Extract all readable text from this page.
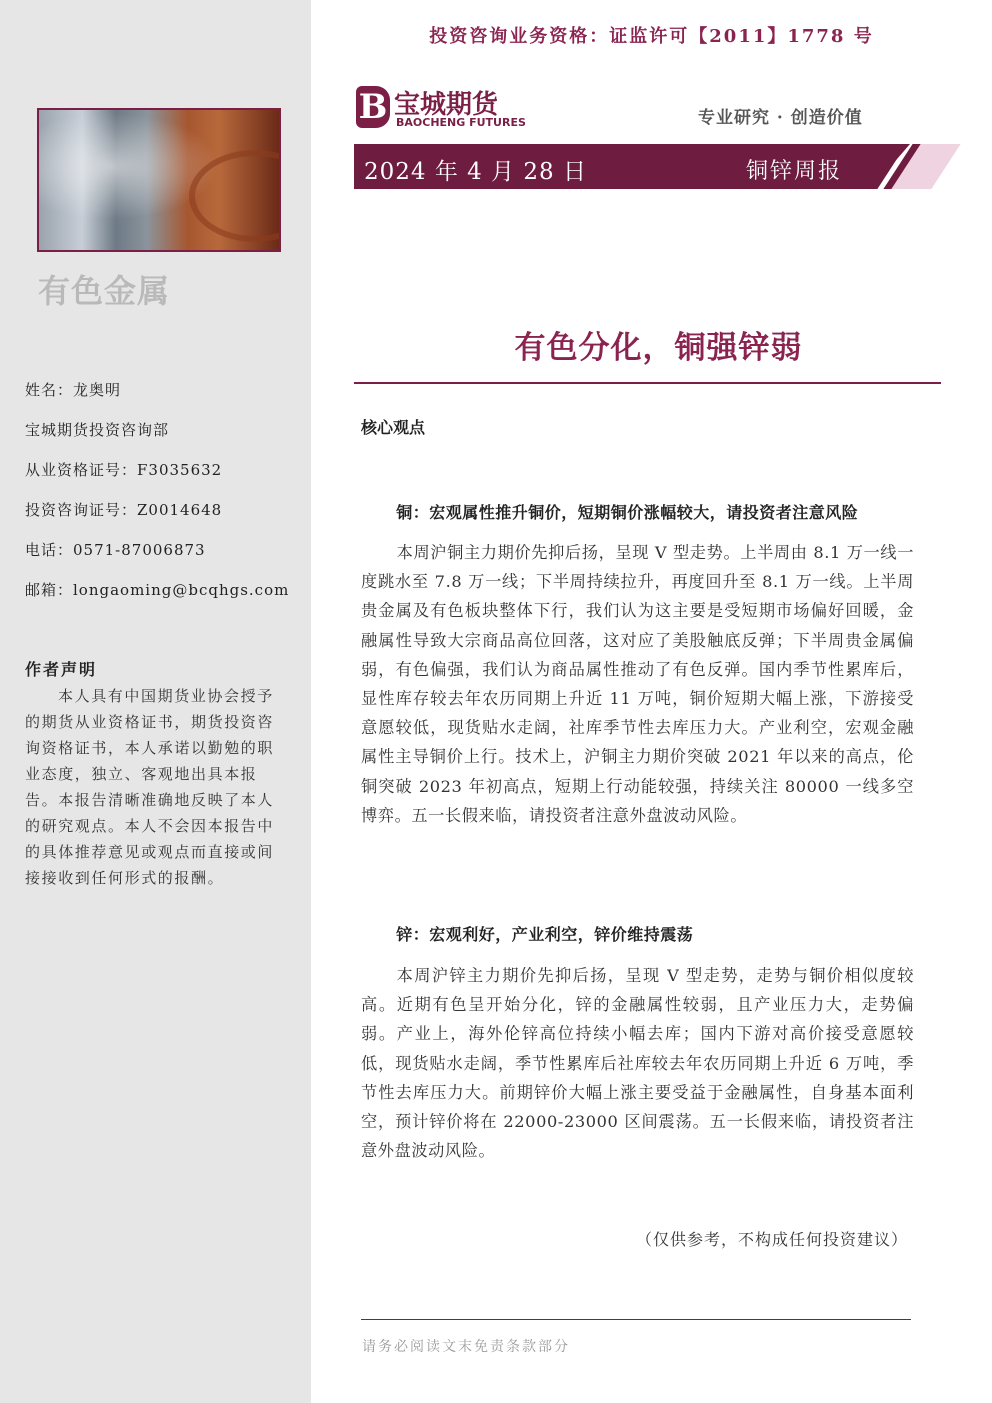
有色金属
姓名：龙奥明
宝城期货投资咨询部
从业资格证号：F3035632
投资咨询证号：Z0014648
电话：0571-87006873
邮箱：longaoming@bcqhgs.com
作者声明
本人具有中国期货业协会授予的期货从业资格证书，期货投资咨询资格证书，本人承诺以勤勉的职业态度，独立、客观地出具本报告。本报告清晰准确地反映了本人的研究观点。本人不会因本报告中的具体推荐意见或观点而直接或间接接收到任何形式的报酬。
投资咨询业务资格：证监许可【2011】1778 号
B 宝城期货
BAOCHENG FUTURES	专业研究 · 创造价值
2024 年 4 月 28 日	铜锌周报
有色分化，铜强锌弱
核心观点
铜：宏观属性推升铜价，短期铜价涨幅较大，请投资者注意风险
本周沪铜主力期价先抑后扬，呈现 V 型走势。上半周由 8.1 万一线一度跳水至 7.8 万一线；下半周持续拉升，再度回升至 8.1 万一线。上半周贵金属及有色板块整体下行，我们认为这主要是受短期市场偏好回暖，金融属性导致大宗商品高位回落，这对应了美股触底反弹；下半周贵金属偏弱，有色偏强，我们认为商品属性推动了有色反弹。国内季节性累库后，显性库存较去年农历同期上升近 11 万吨，铜价短期大幅上涨，下游接受意愿较低，现货贴水走阔，社库季节性去库压力大。产业利空，宏观金融属性主导铜价上行。技术上，沪铜主力期价突破 2021 年以来的高点，伦铜突破 2023 年初高点，短期上行动能较强，持续关注 80000 一线多空博弈。五一长假来临，请投资者注意外盘波动风险。
锌：宏观利好，产业利空，锌价维持震荡
本周沪锌主力期价先抑后扬，呈现 V 型走势，走势与铜价相似度较高。近期有色呈开始分化，锌的金融属性较弱，且产业压力大，走势偏弱。产业上，海外伦锌高位持续小幅去库；国内下游对高价接受意愿较低，现货贴水走阔，季节性累库后社库较去年农历同期上升近 6 万吨，季节性去库压力大。前期锌价大幅上涨主要受益于金融属性，自身基本面利空，预计锌价将在 22000-23000 区间震荡。五一长假来临，请投资者注意外盘波动风险。
（仅供参考，不构成任何投资建议）
请务必阅读文末免责条款部分
